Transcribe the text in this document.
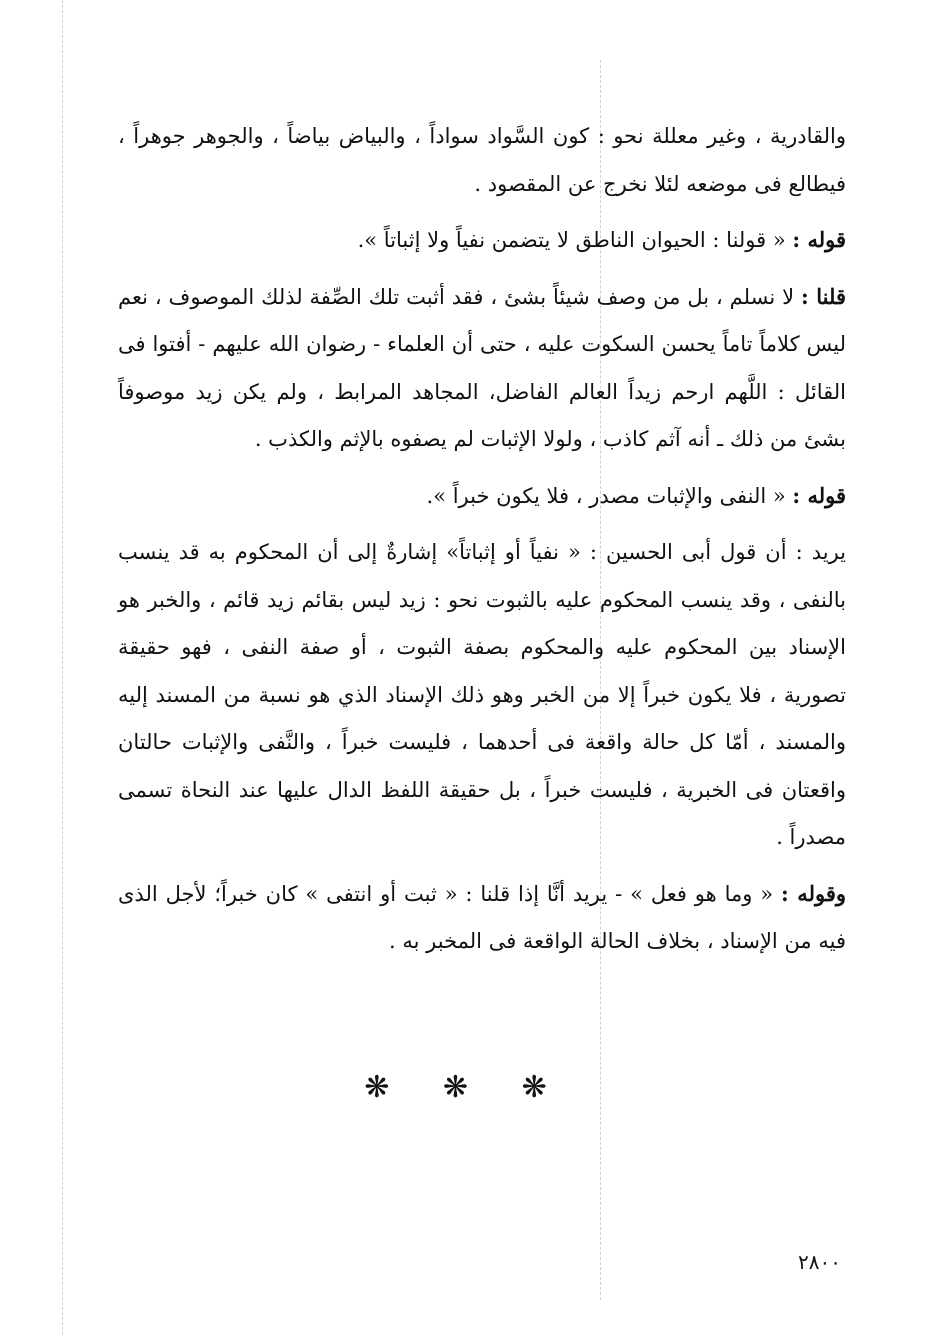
والقادرية ، وغير معللة نحو : كون السَّواد سواداً ، والبياض بياضاً ، والجوهر جوهراً ، فيطالع فى موضعه لئلا نخرج عن المقصود .

قوله : « قولنا : الحيوان الناطق لا يتضمن نفياً ولا إثباتاً ».

قلنا : لا نسلم ، بل من وصف شيئاً بشئ ، فقد أثبت تلك الصِّفة لذلك الموصوف ، نعم ليس كلاماً تاماً يحسن السكوت عليه ، حتى أن العلماء - رضوان الله عليهم - أفتوا فى القائل : اللَّهم ارحم زيداً العالم الفاضل، المجاهد المرابط ، ولم يكن زيد موصوفاً بشئ من ذلك ـ أنه آثم كاذب ، ولولا الإثبات لم يصفوه بالإثم والكذب .

قوله : « النفى والإثبات مصدر ، فلا يكون خبراً ».

يريد : أن قول أبى الحسين : « نفياً أو إثباتاً» إشارةٌ إلى أن المحكوم به قد ينسب بالنفى ، وقد ينسب المحكوم عليه بالثبوت نحو : زيد ليس بقائم زيد قائم ، والخبر هو الإسناد بين المحكوم عليه والمحكوم بصفة الثبوت ، أو صفة النفى ، فهو حقيقة تصورية ، فلا يكون خبراً إلا من الخبر وهو ذلك الإسناد الذي هو نسبة من المسند إليه والمسند ، أمّا كل حالة واقعة فى أحدهما ، فليست خبراً ، والنَّفى والإثبات حالتان واقعتان فى الخبرية ، فليست خبراً ، بل حقيقة اللفظ الدال عليها عند النحاة تسمى مصدراً .

وقوله : « وما هو فعل » - يريد أنَّا إذا قلنا : « ثبت أو انتفى » كان خبراً؛ لأجل الذى فيه من الإسناد ، بخلاف الحالة الواقعة فى المخبر به .

❋ ❋ ❋
٢٨٠٠
